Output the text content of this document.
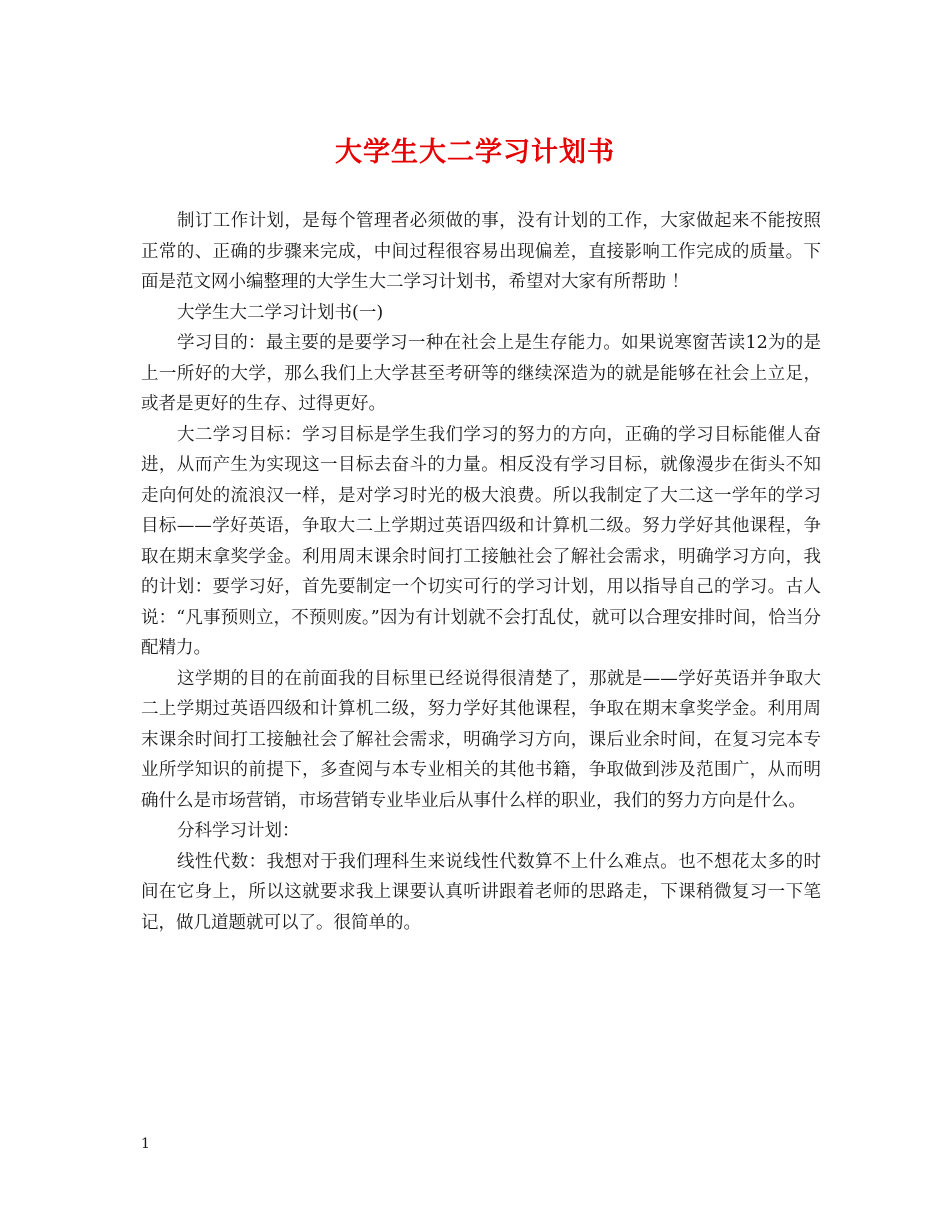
大学生大二学习计划书

制订工作计划，是每个管理者必须做的事，没有计划的工作，大家做起来不能按照正常的、正确的步骤来完成，中间过程很容易出现偏差，直接影响工作完成的质量。下面是范文网小编整理的大学生大二学习计划书，希望对大家有所帮助 ！

大学生大二学习计划书(一)

学习目的：最主要的是要学习一种在社会上是生存能力。如果说寒窗苦读12为的是上一所好的大学，那么我们上大学甚至考研等的继续深造为的就是能够在社会上立足，或者是更好的生存、过得更好。

大二学习目标：学习目标是学生我们学习的努力的方向，正确的学习目标能催人奋进，从而产生为实现这一目标去奋斗的力量。相反没有学习目标，就像漫步在街头不知走向何处的流浪汉一样，是对学习时光的极大浪费。所以我制定了大二这一学年的学习目标——学好英语，争取大二上学期过英语四级和计算机二级。努力学好其他课程，争取在期末拿奖学金。利用周末课余时间打工接触社会了解社会需求，明确学习方向，我的计划：要学习好，首先要制定一个切实可行的学习计划，用以指导自己的学习。古人说：“凡事预则立，不预则废。”因为有计划就不会打乱仗，就可以合理安排时间，恰当分配精力。

这学期的目的在前面我的目标里已经说得很清楚了，那就是——学好英语并争取大二上学期过英语四级和计算机二级，努力学好其他课程，争取在期末拿奖学金。利用周末课余时间打工接触社会了解社会需求，明确学习方向，课后业余时间，在复习完本专业所学知识的前提下，多查阅与本专业相关的其他书籍，争取做到涉及范围广，从而明确什么是市场营销，市场营销专业毕业后从事什么样的职业，我们的努力方向是什么。

分科学习计划：

线性代数：我想对于我们理科生来说线性代数算不上什么难点。也不想花太多的时间在它身上，所以这就要求我上课要认真听讲跟着老师的思路走，下课稍微复习一下笔记，做几道题就可以了。很简单的。

1
